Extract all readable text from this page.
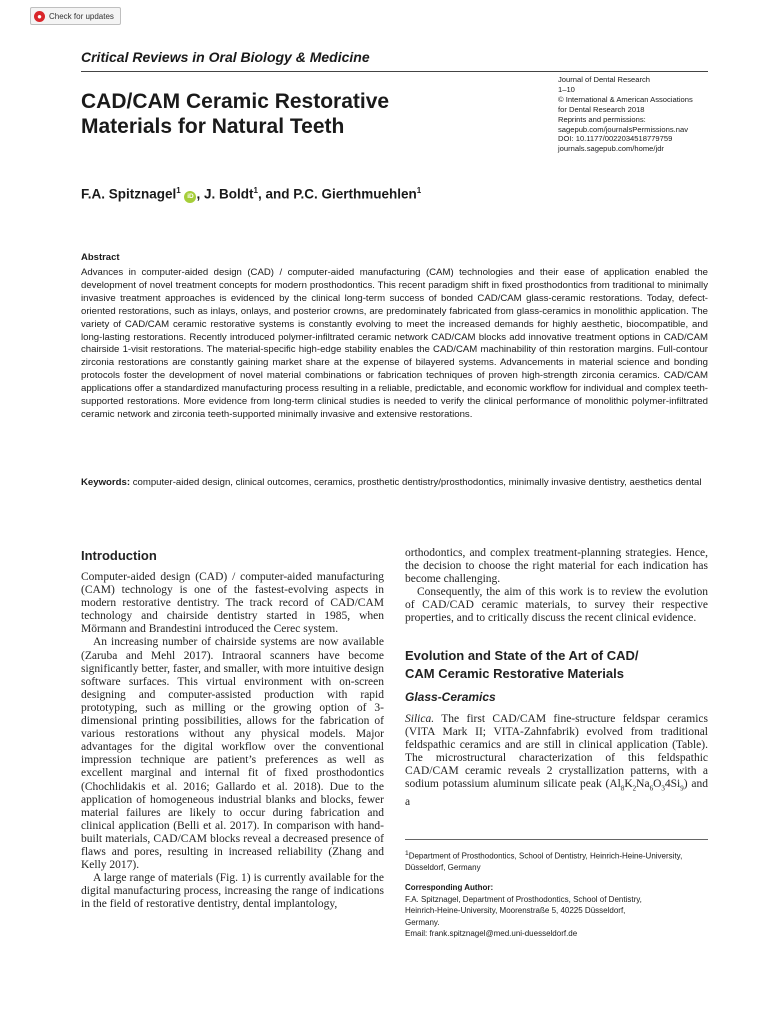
● Check for updates
Critical Reviews in Oral Biology & Medicine
CAD/CAM Ceramic Restorative
Materials for Natural Teeth
Journal of Dental Research
1–10
© International & American Associations
for Dental Research 2018
Reprints and permissions:
sagepub.com/journalsPermissions.nav
DOI: 10.1177/0022034518779759
journals.sagepub.com/home/jdr
F.A. Spitznagel$^1$ iD , J. Boldt$^1$, and P.C. Gierthmuehlen$^1$
Abstract

Advances in computer-aided design (CAD) / computer-aided manufacturing (CAM) technologies and their ease of application enabled the development of novel treatment concepts for modern prosthodontics. This recent paradigm shift in fixed prosthodontics from traditional to minimally invasive treatment approaches is evidenced by the clinical long-term success of bonded CAD/CAM glass-ceramic restorations. Today, defect-oriented restorations, such as inlays, onlays, and posterior crowns, are predominately fabricated from glass-ceramics in monolithic application. The variety of CAD/CAM ceramic restorative systems is constantly evolving to meet the increased demands for highly aesthetic, biocompatible, and long-lasting restorations. Recently introduced polymer-infiltrated ceramic network CAD/CAM blocks add innovative treatment options in CAD/CAM chairside 1-visit restorations. The material-specific high-edge stability enables the CAD/CAM machinability of thin restoration margins. Full-contour zirconia restorations are constantly gaining market share at the expense of bilayered systems. Advancements in material science and bonding protocols foster the development of novel material combinations or fabrication techniques of proven high-strength zirconia ceramics. CAD/CAM applications offer a standardized manufacturing process resulting in a reliable, predictable, and economic workflow for individual and complex teeth-supported restorations. More evidence from long-term clinical studies is needed to verify the clinical performance of monolithic polymer-infiltrated ceramic network and zirconia teeth-supported minimally invasive and extensive restorations.

Keywords: computer-aided design, clinical outcomes, ceramics, prosthetic dentistry/prosthodontics, minimally invasive dentistry, aesthetics dental

Introduction

Computer-aided design (CAD) / computer-aided manufacturing (CAM) technology is one of the fastest-evolving aspects in modern restorative dentistry. The track record of CAD/CAM technology and chairside dentistry started in 1985, when Mörmann and Brandestini introduced the Cerec system.

An increasing number of chairside systems are now available (Zaruba and Mehl 2017). Intraoral scanners have become significantly better, faster, and smaller, with more intuitive design software surfaces. This virtual environment with on-screen designing and computer-assisted production with rapid prototyping, such as milling or the growing option of 3-dimensional printing possibilities, allows for the fabrication of various restorations without any physical models. Major advantages for the digital workflow over the conventional impression technique are patient’s preferences as well as excellent marginal and internal fit of fixed prosthodontics (Chochlidakis et al. 2016; Gallardo et al. 2018). Due to the application of homogeneous industrial blanks and blocks, fewer material failures are likely to occur during fabrication and clinical application (Belli et al. 2017). In comparison with hand-built materials, CAD/CAM blocks reveal a decreased presence of flaws and pores, resulting in increased reliability (Zhang and Kelly 2017).

A large range of materials (Fig. 1) is currently available for the digital manufacturing process, increasing the range of indications in the field of restorative dentistry, dental implantology,

orthodontics, and complex treatment-planning strategies. Hence, the decision to choose the right material for each indication has become challenging.

Consequently, the aim of this work is to review the evolution of CAD/CAD ceramic materials, to survey their respective properties, and to critically discuss the recent clinical evidence.

Evolution and State of the Art of CAD/
CAM Ceramic Restorative Materials
Glass-Ceramics

Silica. The first CAD/CAM fine-structure feldspar ceramics (VITA Mark II; VITA-Zahnfabrik) evolved from traditional feldspathic ceramics and are still in clinical application (Table). The microstructural characterization of this feldspathic CAD/CAM ceramic reveals 2 crystallization patterns, with a sodium potassium aluminum silicate peak $(Al_8K_2Na_6O_34Si_9)$ and a

$^1$Department of Prosthodontics, School of Dentistry, Heinrich-Heine-University, Düsseldorf, Germany

Corresponding Author:
F.A. Spitznagel, Department of Prosthodontics, School of Dentistry,
Heinrich-Heine-University, Moorenstraße 5, 40225 Düsseldorf,
Germany.
Email: frank.spitznagel@med.uni-duesseldorf.de
